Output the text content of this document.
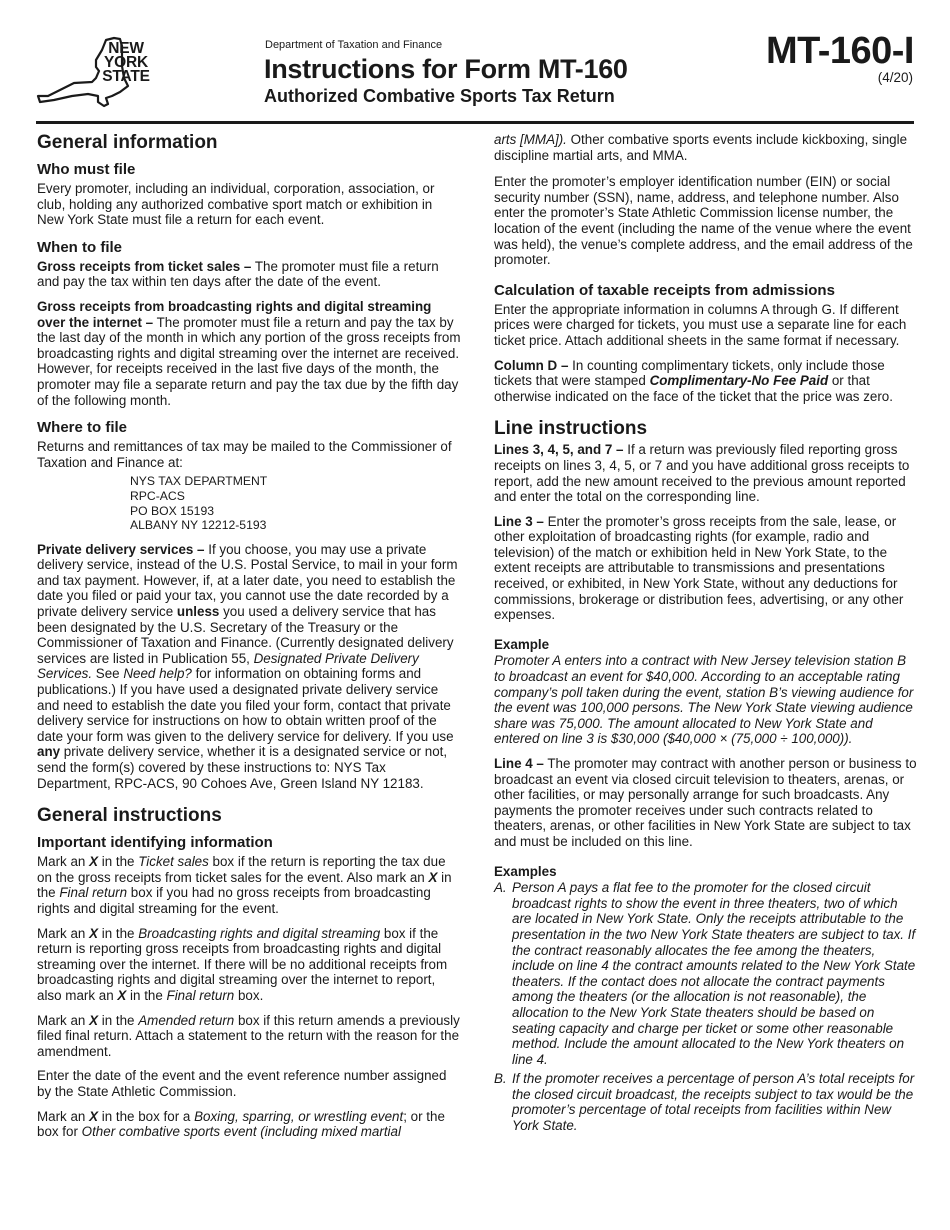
NEW
YORK
STATE
Department of Taxation and Finance
Instructions for Form MT-160
Authorized Combative Sports Tax Return
MT-160-I
(4/20)
General information
Who must file

Every promoter, including an individual, corporation, association, or club, holding any authorized combative sport match or exhibition in New York State must file a return for each event.

When to file

Gross receipts from ticket sales – The promoter must file a return and pay the tax within ten days after the date of the event.

Gross receipts from broadcasting rights and digital streaming over the internet – The promoter must file a return and pay the tax by the last day of the month in which any portion of the gross receipts from broadcasting rights and digital streaming over the internet are received. However, for receipts received in the last five days of the month, the promoter may file a separate return and pay the tax due by the fifth day of the following month.

Where to file

Returns and remittances of tax may be mailed to the Commissioner of Taxation and Finance at:

NYS TAX DEPARTMENT
RPC-ACS
PO BOX 15193
ALBANY NY 12212-5193

Private delivery services – If you choose, you may use a private delivery service, instead of the U.S. Postal Service, to mail in your form and tax payment. However, if, at a later date, you need to establish the date you filed or paid your tax, you cannot use the date recorded by a private delivery service unless you used a delivery service that has been designated by the U.S. Secretary of the Treasury or the Commissioner of Taxation and Finance. (Currently designated delivery services are listed in Publication 55, Designated Private Delivery Services. See Need help? for information on obtaining forms and publications.) If you have used a designated private delivery service and need to establish the date you filed your form, contact that private delivery service for instructions on how to obtain written proof of the date your form was given to the delivery service for delivery. If you use any private delivery service, whether it is a designated service or not, send the form(s) covered by these instructions to: NYS Tax Department, RPC-ACS, 90 Cohoes Ave, Green Island NY 12183.

General instructions
Important identifying information

Mark an X in the Ticket sales box if the return is reporting the tax due on the gross receipts from ticket sales for the event. Also mark an X in the Final return box if you had no gross receipts from broadcasting rights and digital streaming for the event.

Mark an X in the Broadcasting rights and digital streaming box if the return is reporting gross receipts from broadcasting rights and digital streaming over the internet. If there will be no additional receipts from broadcasting rights and digital streaming over the internet to report, also mark an X in the Final return box.

Mark an X in the Amended return box if this return amends a previously filed final return. Attach a statement to the return with the reason for the amendment.

Enter the date of the event and the event reference number assigned by the State Athletic Commission.

Mark an X in the box for a Boxing, sparring, or wrestling event; or the box for Other combative sports event (including mixed martial

arts [MMA]). Other combative sports events include kickboxing, single discipline martial arts, and MMA.

Enter the promoter’s employer identification number (EIN) or social security number (SSN), name, address, and telephone number. Also enter the promoter’s State Athletic Commission license number, the location of the event (including the name of the venue where the event was held), the venue’s complete address, and the email address of the promoter.

Calculation of taxable receipts from admissions

Enter the appropriate information in columns A through G. If different prices were charged for tickets, you must use a separate line for each ticket price. Attach additional sheets in the same format if necessary.

Column D – In counting complimentary tickets, only include those tickets that were stamped Complimentary-No Fee Paid or that otherwise indicated on the face of the ticket that the price was zero.

Line instructions

Lines 3, 4, 5, and 7 – If a return was previously filed reporting gross receipts on lines 3, 4, 5, or 7 and you have additional gross receipts to report, add the new amount received to the previous amount reported and enter the total on the corresponding line.

Line 3 – Enter the promoter’s gross receipts from the sale, lease, or other exploitation of broadcasting rights (for example, radio and television) of the match or exhibition held in New York State, to the extent receipts are attributable to transmissions and presentations received, or exhibited, in New York State, without any deductions for commissions, brokerage or distribution fees, advertising, or any other expenses.

Example

Promoter A enters into a contract with New Jersey television station B to broadcast an event for $40,000. According to an acceptable rating company’s poll taken during the event, station B’s viewing audience for the event was 100,000 persons. The New York State viewing audience share was 75,000. The amount allocated to New York State and entered on line 3 is $30,000 ($40,000 × (75,000 ÷ 100,000)).

Line 4 – The promoter may contract with another person or business to broadcast an event via closed circuit television to theaters, arenas, or other facilities, or may personally arrange for such broadcasts. Any payments the promoter receives under such contracts related to theaters, arenas, or other facilities in New York State are subject to tax and must be included on this line.

Examples
A. Person A pays a flat fee to the promoter for the closed circuit broadcast rights to show the event in three theaters, two of which are located in New York State. Only the receipts attributable to the presentation in the two New York State theaters are subject to tax. If the contract reasonably allocates the fee among the theaters, include on line 4 the contract amounts related to the New York State theaters. If the contact does not allocate the contract payments among the theaters (or the allocation is not reasonable), the allocation to the New York State theaters should be based on seating capacity and charge per ticket or some other reasonable method. Include the amount allocated to the New York theaters on line 4.
B. If the promoter receives a percentage of person A’s total receipts for the closed circuit broadcast, the receipts subject to tax would be the promoter’s percentage of total receipts from facilities within New York State.
